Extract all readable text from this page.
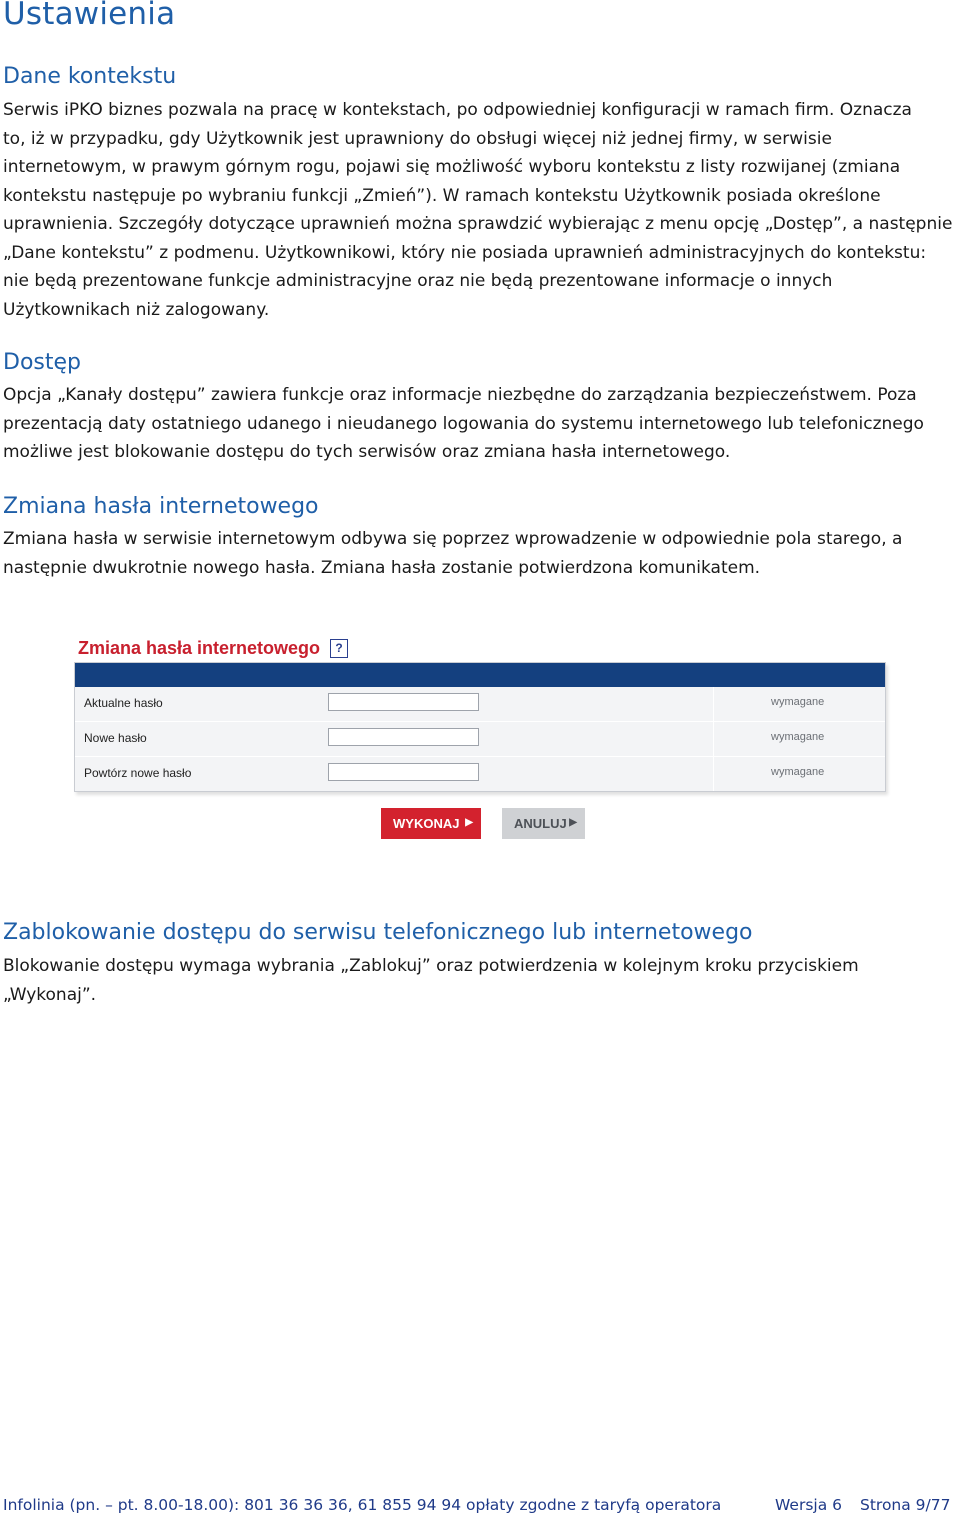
Ustawienia
Dane kontekstu

Serwis iPKO biznes pozwala na pracę w kontekstach, po odpowiedniej konfiguracji w ramach firm. Oznacza
to, iż w przypadku, gdy Użytkownik jest uprawniony do obsługi więcej niż jednej firmy, w serwisie
internetowym, w prawym górnym rogu, pojawi się możliwość wyboru kontekstu z listy rozwijanej (zmiana
kontekstu następuje po wybraniu funkcji „Zmień”). W ramach kontekstu Użytkownik posiada określone
uprawnienia. Szczegóły dotyczące uprawnień można sprawdzić wybierając z menu opcję „Dostęp”, a następnie
„Dane kontekstu” z podmenu. Użytkownikowi, który nie posiada uprawnień administracyjnych do kontekstu:
nie będą prezentowane funkcje administracyjne oraz nie będą prezentowane informacje o innych
Użytkownikach niż zalogowany.

Dostęp

Opcja „Kanały dostępu” zawiera funkcje oraz informacje niezbędne do zarządzania bezpieczeństwem. Poza
prezentacją daty ostatniego udanego i nieudanego logowania do systemu internetowego lub telefonicznego
możliwe jest blokowanie dostępu do tych serwisów oraz zmiana hasła internetowego.

Zmiana hasła internetowego

Zmiana hasła w serwisie internetowym odbywa się poprzez wprowadzenie w odpowiednie pola starego, a
następnie dwukrotnie nowego hasła. Zmiana hasła zostanie potwierdzona komunikatem.

Zmiana hasła internetowego	?
Aktualne hasło	wymagane
Nowe hasło	wymagane
Powtórz nowe hasło	wymagane
WYKONAJ ▶	ANULUJ ▶
Zablokowanie dostępu do serwisu telefonicznego lub internetowego

Blokowanie dostępu wymaga wybrania „Zablokuj” oraz potwierdzenia w kolejnym kroku przyciskiem
„Wykonaj”.

Infolinia (pn. – pt. 8.00-18.00): 801 36 36 36, 61 855 94 94 opłaty zgodne z taryfą operatora	Wersja 6 Strona 9/77
